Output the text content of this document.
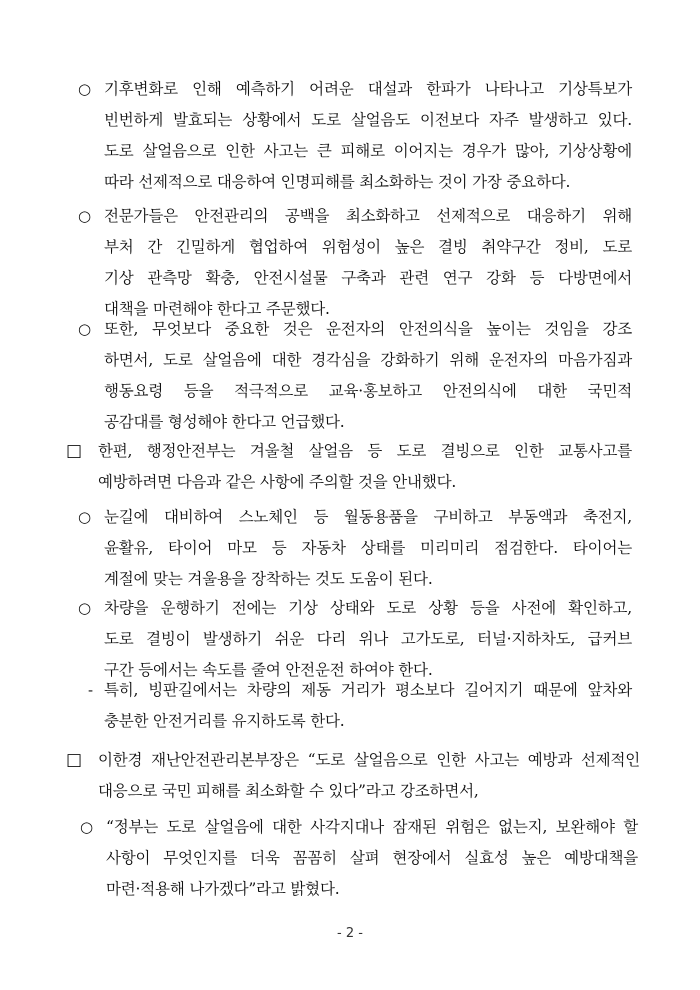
○ 기후변화로 인해 예측하기 어려운 대설과 한파가 나타나고 기상특보가
빈번하게 발효되는 상황에서 도로 살얼음도 이전보다 자주 발생하고 있다.
도로 살얼음으로 인한 사고는 큰 피해로 이어지는 경우가 많아, 기상상황에
따라 선제적으로 대응하여 인명피해를 최소화하는 것이 가장 중요하다.
○ 전문가들은 안전관리의 공백을 최소화하고 선제적으로 대응하기 위해
부처 간 긴밀하게 협업하여 위험성이 높은 결빙 취약구간 정비, 도로
기상 관측망 확충, 안전시설물 구축과 관련 연구 강화 등 다방면에서
대책을 마련해야 한다고 주문했다.
○ 또한, 무엇보다 중요한 것은 운전자의 안전의식을 높이는 것임을 강조
하면서, 도로 살얼음에 대한 경각심을 강화하기 위해 운전자의 마음가짐과
행동요령 등을 적극적으로 교육·홍보하고 안전의식에 대한 국민적
공감대를 형성해야 한다고 언급했다.
□	한편, 행정안전부는 겨울철 살얼음 등 도로 결빙으로 인한 교통사고를
예방하려면 다음과 같은 사항에 주의할 것을 안내했다.
○ 눈길에 대비하여 스노체인 등 월동용품을 구비하고 부동액과 축전지,
윤활유, 타이어 마모 등 자동차 상태를 미리미리 점검한다. 타이어는
계절에 맞는 겨울용을 장착하는 것도 도움이 된다.
○ 차량을 운행하기 전에는 기상 상태와 도로 상황 등을 사전에 확인하고,
도로 결빙이 발생하기 쉬운 다리 위나 고가도로, 터널·지하차도, 급커브
구간 등에서는 속도를 줄여 안전운전 하여야 한다.
- 특히, 빙판길에서는 차량의 제동 거리가 평소보다 길어지기 때문에 앞차와
충분한 안전거리를 유지하도록 한다.
□	이한경 재난안전관리본부장은 “도로 살얼음으로 인한 사고는 예방과 선제적인
대응으로 국민 피해를 최소화할 수 있다”라고 강조하면서,
○ “정부는 도로 살얼음에 대한 사각지대나 잠재된 위험은 없는지, 보완해야 할
사항이 무엇인지를 더욱 꼼꼼히 살펴 현장에서 실효성 높은 예방대책을
마련·적용해 나가겠다”라고 밝혔다.
- 2 -
